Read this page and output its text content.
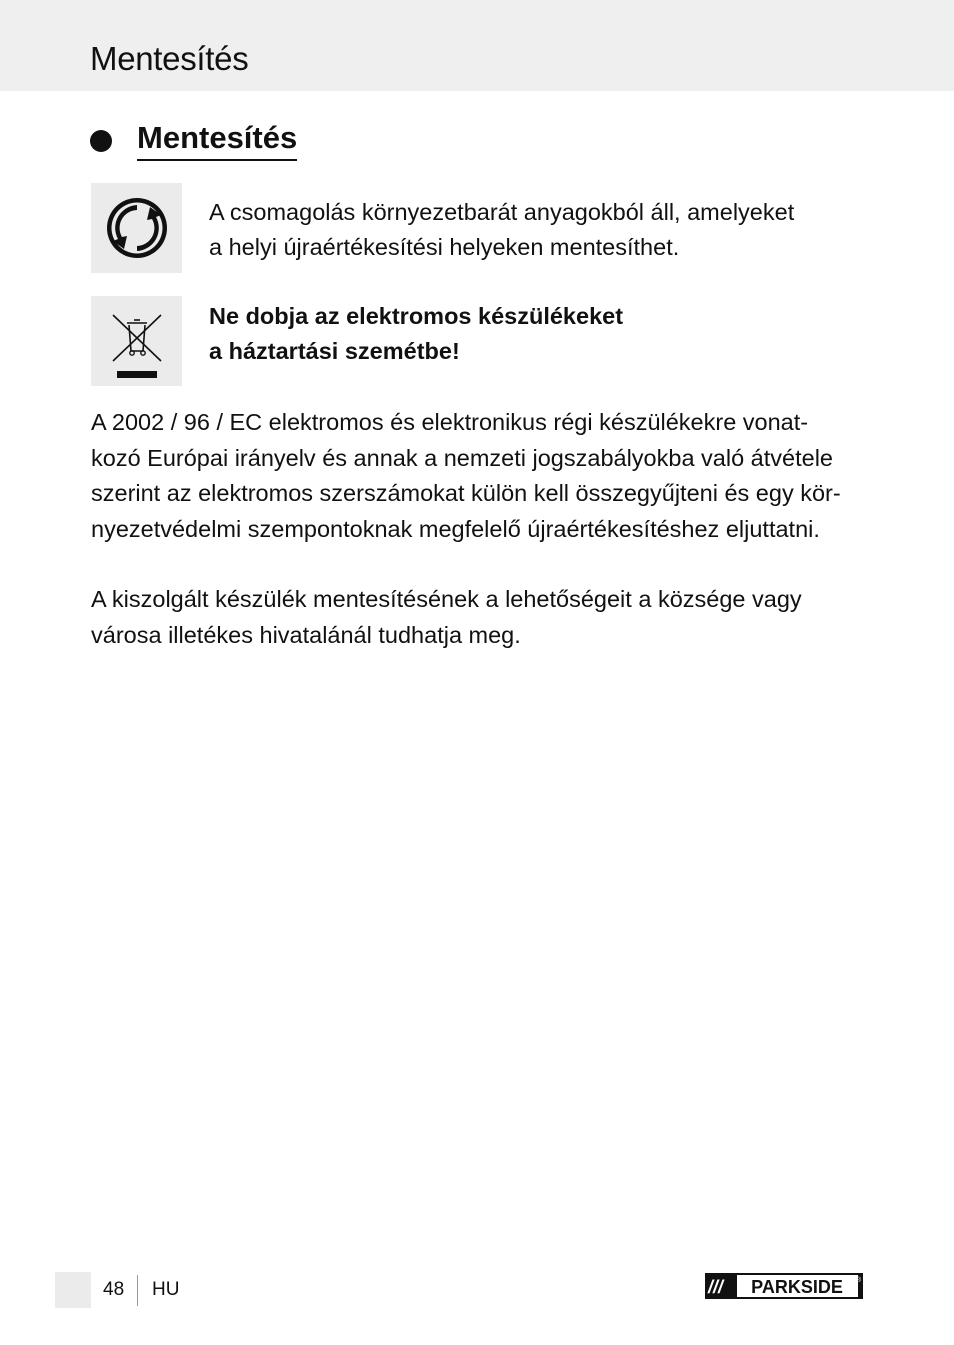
Mentesítés
Mentesítés
A csomagolás környezetbarát anyagokból áll, amelyeket
a helyi újraértékesítési helyeken mentesíthet.
Ne dobja az elektromos készülékeket
a háztartási szemétbe!
A 2002 / 96 / EC elektromos és elektronikus régi készülékekre vonat-
kozó Európai irányelv és annak a nemzeti jogszabályokba való átvétele
szerint az elektromos szerszámokat külön kell összegyűjteni és egy kör-
nyezetvédelmi szempontoknak megfelelő újraértékesítéshez eljuttatni.
A kiszolgált készülék mentesítésének a lehetőségeit a községe vagy
városa illetékes hivatalánál tudhatja meg.
48 HU	/// PARKSIDE ®
